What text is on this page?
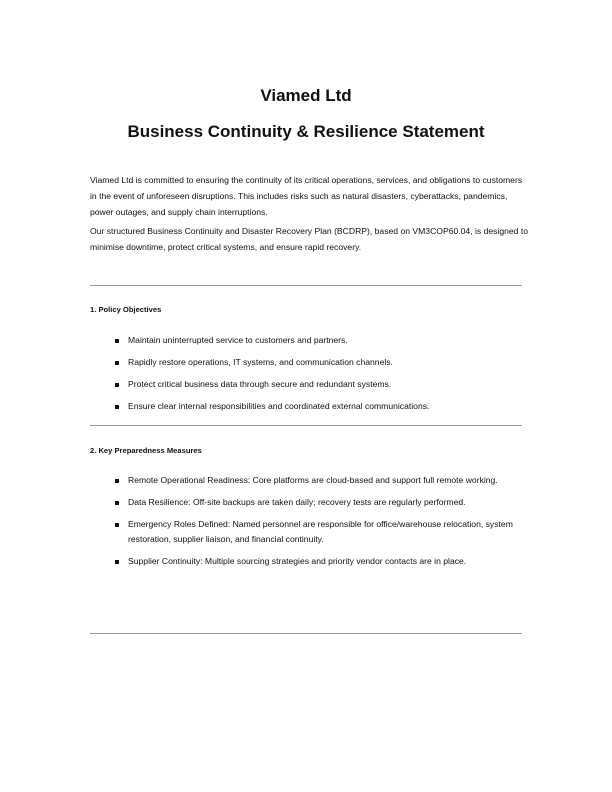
Viamed Ltd
Business Continuity & Resilience Statement
Viamed Ltd is committed to ensuring the continuity of its critical operations, services, and obligations to customers in the event of unforeseen disruptions. This includes risks such as natural disasters, cyberattacks, pandemics, power outages, and supply chain interruptions.
Our structured Business Continuity and Disaster Recovery Plan (BCDRP), based on VM3COP60.04, is designed to minimise downtime, protect critical systems, and ensure rapid recovery.
1. Policy Objectives
Maintain uninterrupted service to customers and partners.
Rapidly restore operations, IT systems, and communication channels.
Protect critical business data through secure and redundant systems.
Ensure clear internal responsibilities and coordinated external communications.
2. Key Preparedness Measures
Remote Operational Readiness: Core platforms are cloud-based and support full remote working.
Data Resilience: Off-site backups are taken daily; recovery tests are regularly performed.
Emergency Roles Defined: Named personnel are responsible for office/warehouse relocation, system restoration, supplier liaison, and financial continuity.
Supplier Continuity: Multiple sourcing strategies and priority vendor contacts are in place.
